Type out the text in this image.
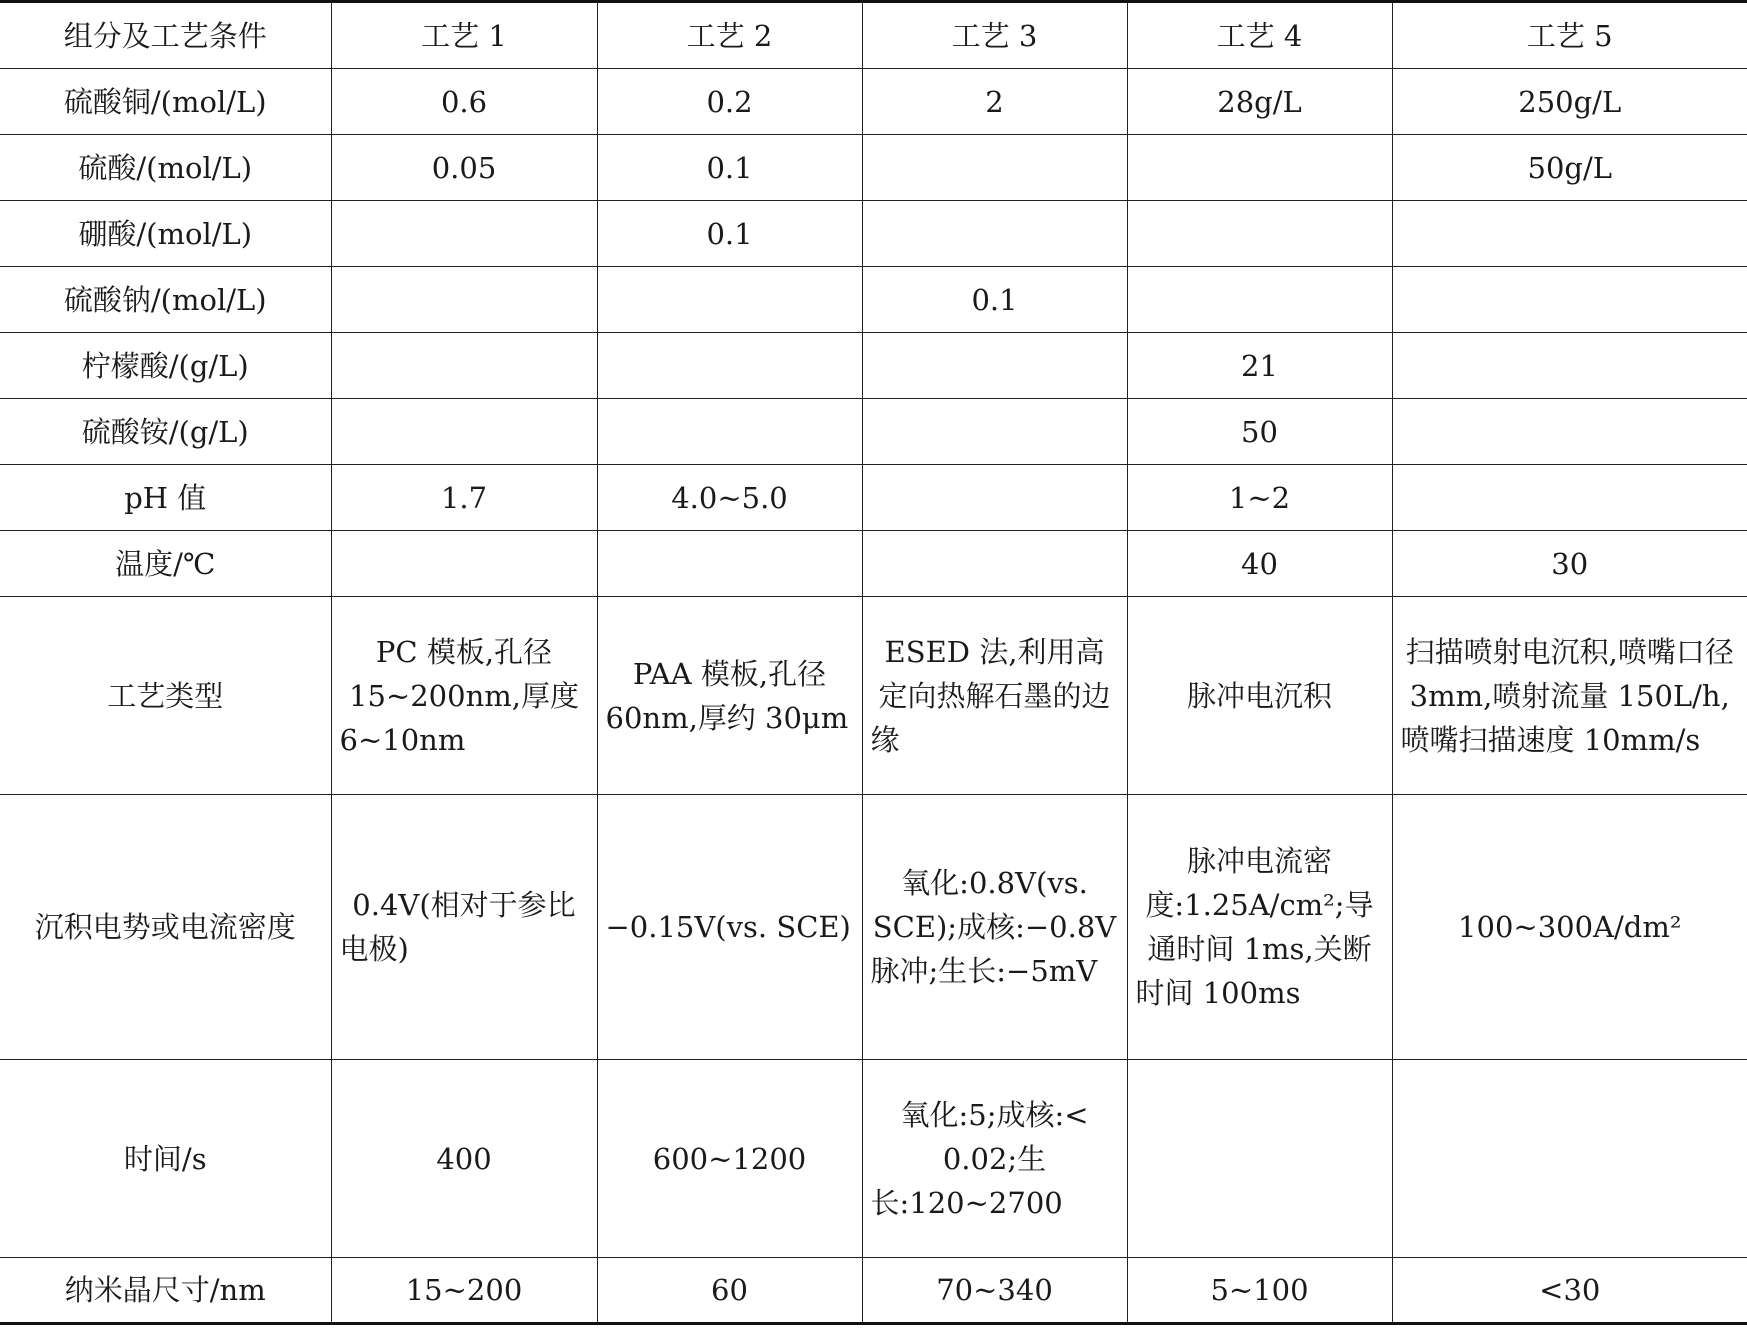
组分及工艺条件	工艺 1	工艺 2	工艺 3	工艺 4	工艺 5
硫酸铜/(mol/L)	0.6	0.2	2	28g/L	250g/L
硫酸/(mol/L)	0.05	0.1			50g/L
硼酸/(mol/L)		0.1			
硫酸钠/(mol/L)			0.1		
柠檬酸/(g/L)				21	
硫酸铵/(g/L)				50	
pH 值	1.7	4.0~5.0		1~2	
温度/℃				40	30
工艺类型	PC 模板,孔径 15~200nm,厚度 6~10nm	PAA 模板,孔径 60nm,厚约 30μm	ESED 法,利用高定向热解石墨的边缘	脉冲电沉积	扫描喷射电沉积,喷嘴口径 3mm,喷射流量 150L/h,喷嘴扫描速度 10mm/s
沉积电势或电流密度	0.4V(相对于参比电极)	−0.15V(vs. SCE)	氧化:0.8V(vs. SCE);成核:−0.8V 脉冲;生长:−5mV	脉冲电流密度:1.25A/cm²;导通时间 1ms,关断时间 100ms	100~300A/dm²
时间/s	400	600~1200	氧化:5;成核:< 0.02;生长:120~2700		
纳米晶尺寸/nm	15~200	60	70~340	5~100	<30
